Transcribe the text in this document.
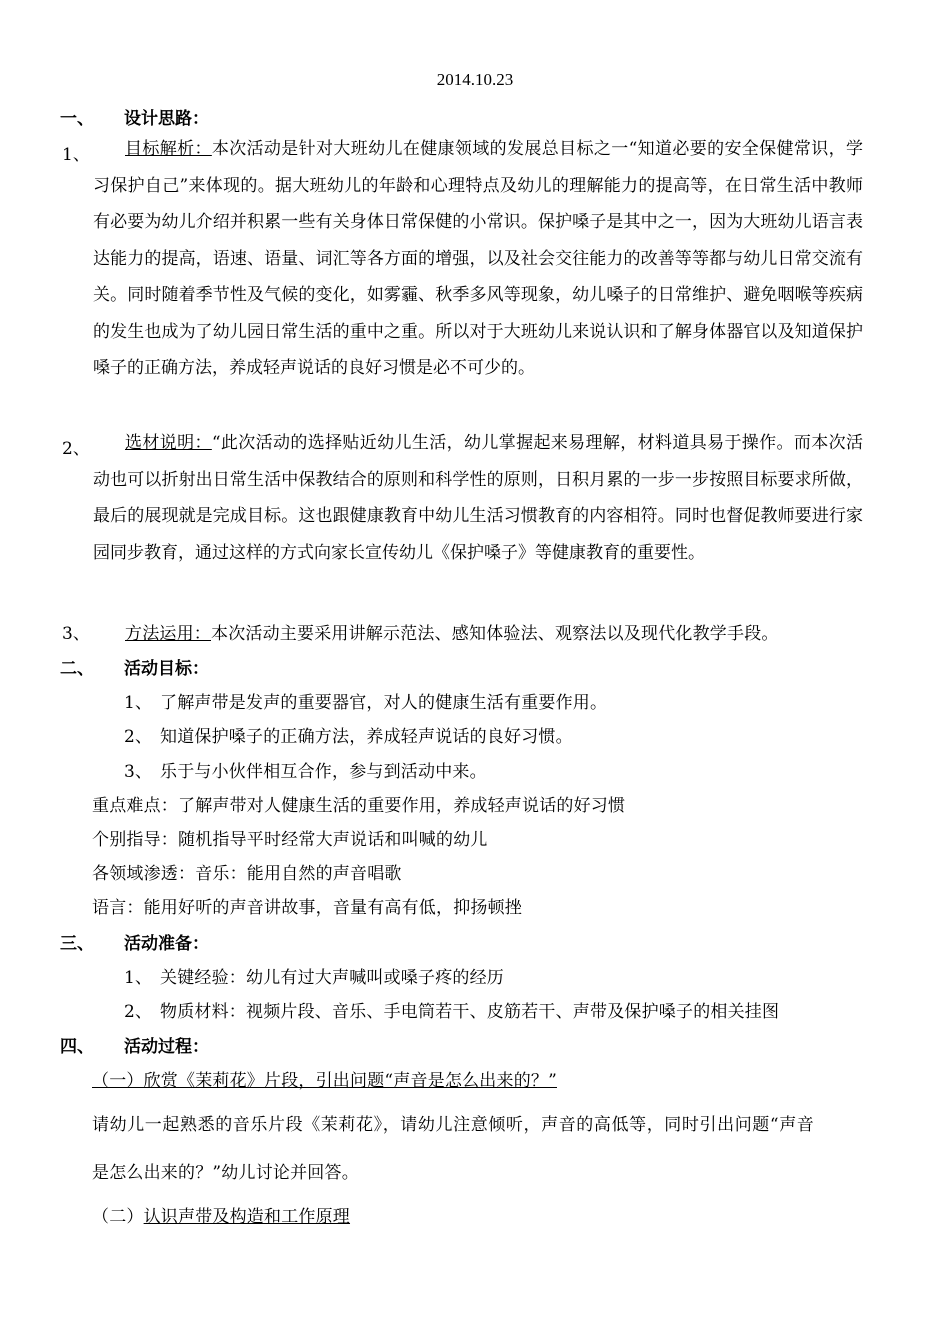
2014.10.23
一、 设计思路：
1、	目标解析：本次活动是针对大班幼儿在健康领域的发展总目标之一“知道必要的安全保健常识，学习保护自己”来体现的。据大班幼儿的年龄和心理特点及幼儿的理解能力的提高等，在日常生活中教师有必要为幼儿介绍并积累一些有关身体日常保健的小常识。保护嗓子是其中之一，因为大班幼儿语言表达能力的提高，语速、语量、词汇等各方面的增强，以及社会交往能力的改善等等都与幼儿日常交流有关。同时随着季节性及气候的变化，如雾霾、秋季多风等现象，幼儿嗓子的日常维护、避免咽喉等疾病的发生也成为了幼儿园日常生活的重中之重。所以对于大班幼儿来说认识和了解身体器官以及知道保护嗓子的正确方法，养成轻声说话的良好习惯是必不可少的。
2、	选材说明：“此次活动的选择贴近幼儿生活，幼儿掌握起来易理解，材料道具易于操作。而本次活动也可以折射出日常生活中保教结合的原则和科学性的原则，日积月累的一步一步按照目标要求所做，最后的展现就是完成目标。这也跟健康教育中幼儿生活习惯教育的内容相符。同时也督促教师要进行家园同步教育，通过这样的方式向家长宣传幼儿《保护嗓子》等健康教育的重要性。
3、 方法运用：本次活动主要采用讲解示范法、感知体验法、观察法以及现代化教学手段。
二、 活动目标：
1、 了解声带是发声的重要器官，对人的健康生活有重要作用。
2、 知道保护嗓子的正确方法，养成轻声说话的良好习惯。
3、 乐于与小伙伴相互合作，参与到活动中来。
重点难点：了解声带对人健康生活的重要作用，养成轻声说话的好习惯
个别指导：随机指导平时经常大声说话和叫喊的幼儿
各领域渗透：音乐：能用自然的声音唱歌
语言：能用好听的声音讲故事，音量有高有低，抑扬顿挫
三、 活动准备：
1、 关键经验：幼儿有过大声喊叫或嗓子疼的经历
2、 物质材料：视频片段、音乐、手电筒若干、皮筋若干、声带及保护嗓子的相关挂图
四、 活动过程：
（一）欣赏《茉莉花》片段，引出问题“声音是怎么出来的？”
请幼儿一起熟悉的音乐片段《茉莉花》，请幼儿注意倾听，声音的高低等，同时引出问题“声音
是怎么出来的？”幼儿讨论并回答。
（二）认识声带及构造和工作原理
